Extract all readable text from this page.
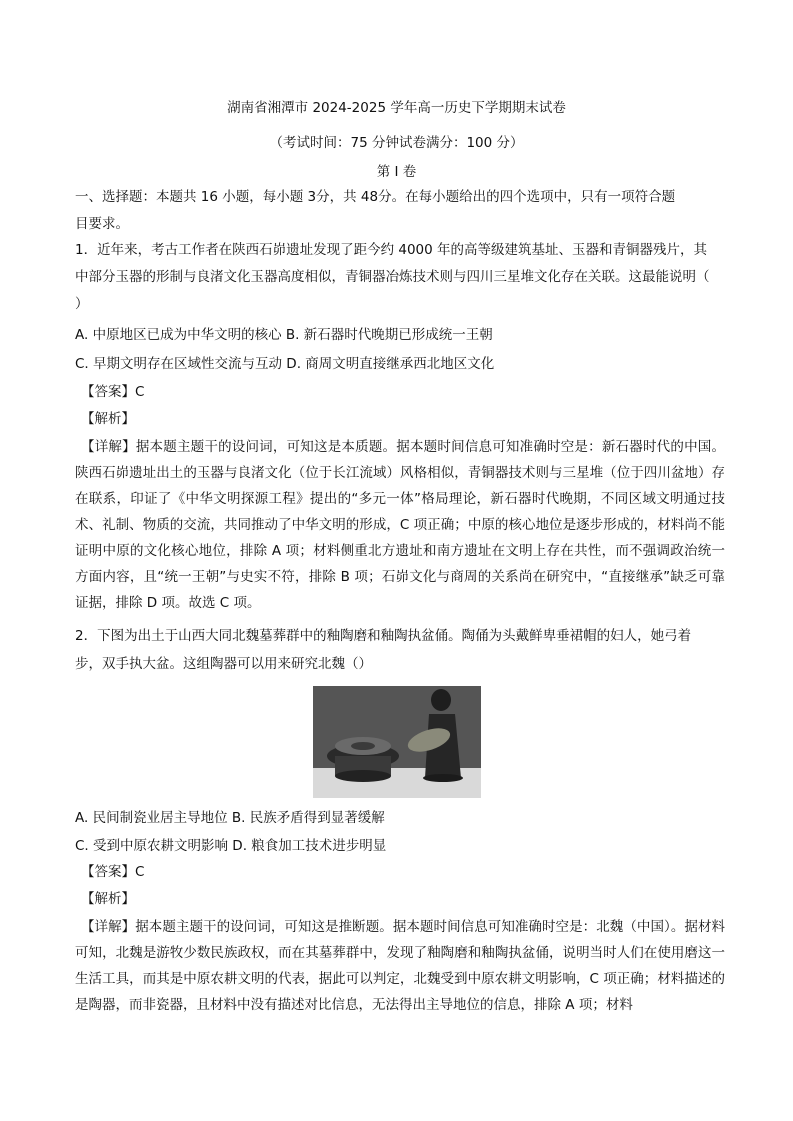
湖南省湘潭市 2024-2025 学年高一历史下学期期末试卷
（考试时间：75 分钟试卷满分：100 分）
第 I 卷
一、选择题：本题共 16 小题，每小题 3分，共 48分。在每小题给出的四个选项中，只有一项符合题
目要求。
1．近年来，考古工作者在陕西石峁遗址发现了距今约 4000 年的高等级建筑基址、玉器和青铜器残片，其
中部分玉器的形制与良渚文化玉器高度相似，青铜器冶炼技术则与四川三星堆文化存在关联。这最能说明（
）
A. 中原地区已成为中华文明的核心 B. 新石器时代晚期已形成统一王朝
C. 早期文明存在区域性交流与互动 D. 商周文明直接继承西北地区文化
【答案】C
【解析】
【详解】据本题主题干的设问词，可知这是本质题。据本题时间信息可知准确时空是：新石器时代的中国。陕西石峁遗址出土的玉器与良渚文化（位于长江流域）风格相似，青铜器技术则与三星堆（位于四川盆地）存在联系，印证了《中华文明探源工程》提出的“多元一体”格局理论，新石器时代晚期，不同区域文明通过技术、礼制、物质的交流，共同推动了中华文明的形成，C 项正确；中原的核心地位是逐步形成的，材料尚不能证明中原的文化核心地位，排除 A 项；材料侧重北方遗址和南方遗址在文明上存在共性，而不强调政治统一方面内容，且“统一王朝”与史实不符，排除 B 项；石峁文化与商周的关系尚在研究中，“直接继承”缺乏可靠证据，排除 D 项。故选 C 项。
2．下图为出土于山西大同北魏墓葬群中的釉陶磨和釉陶执盆俑。陶俑为头戴鲜卑垂裙帽的妇人，她弓着
步，双手执大盆。这组陶器可以用来研究北魏（）
A. 民间制瓷业居主导地位 B. 民族矛盾得到显著缓解
C. 受到中原农耕文明影响 D. 粮食加工技术进步明显
【答案】C
【解析】
【详解】据本题主题干的设问词，可知这是推断题。据本题时间信息可知准确时空是：北魏（中国）。据材料可知，北魏是游牧少数民族政权，而在其墓葬群中，发现了釉陶磨和釉陶执盆俑，说明当时人们在使用磨这一生活工具，而其是中原农耕文明的代表，据此可以判定，北魏受到中原农耕文明影响，C 项正确；材料描述的是陶器，而非瓷器，且材料中没有描述对比信息，无法得出主导地位的信息，排除 A 项；材料
